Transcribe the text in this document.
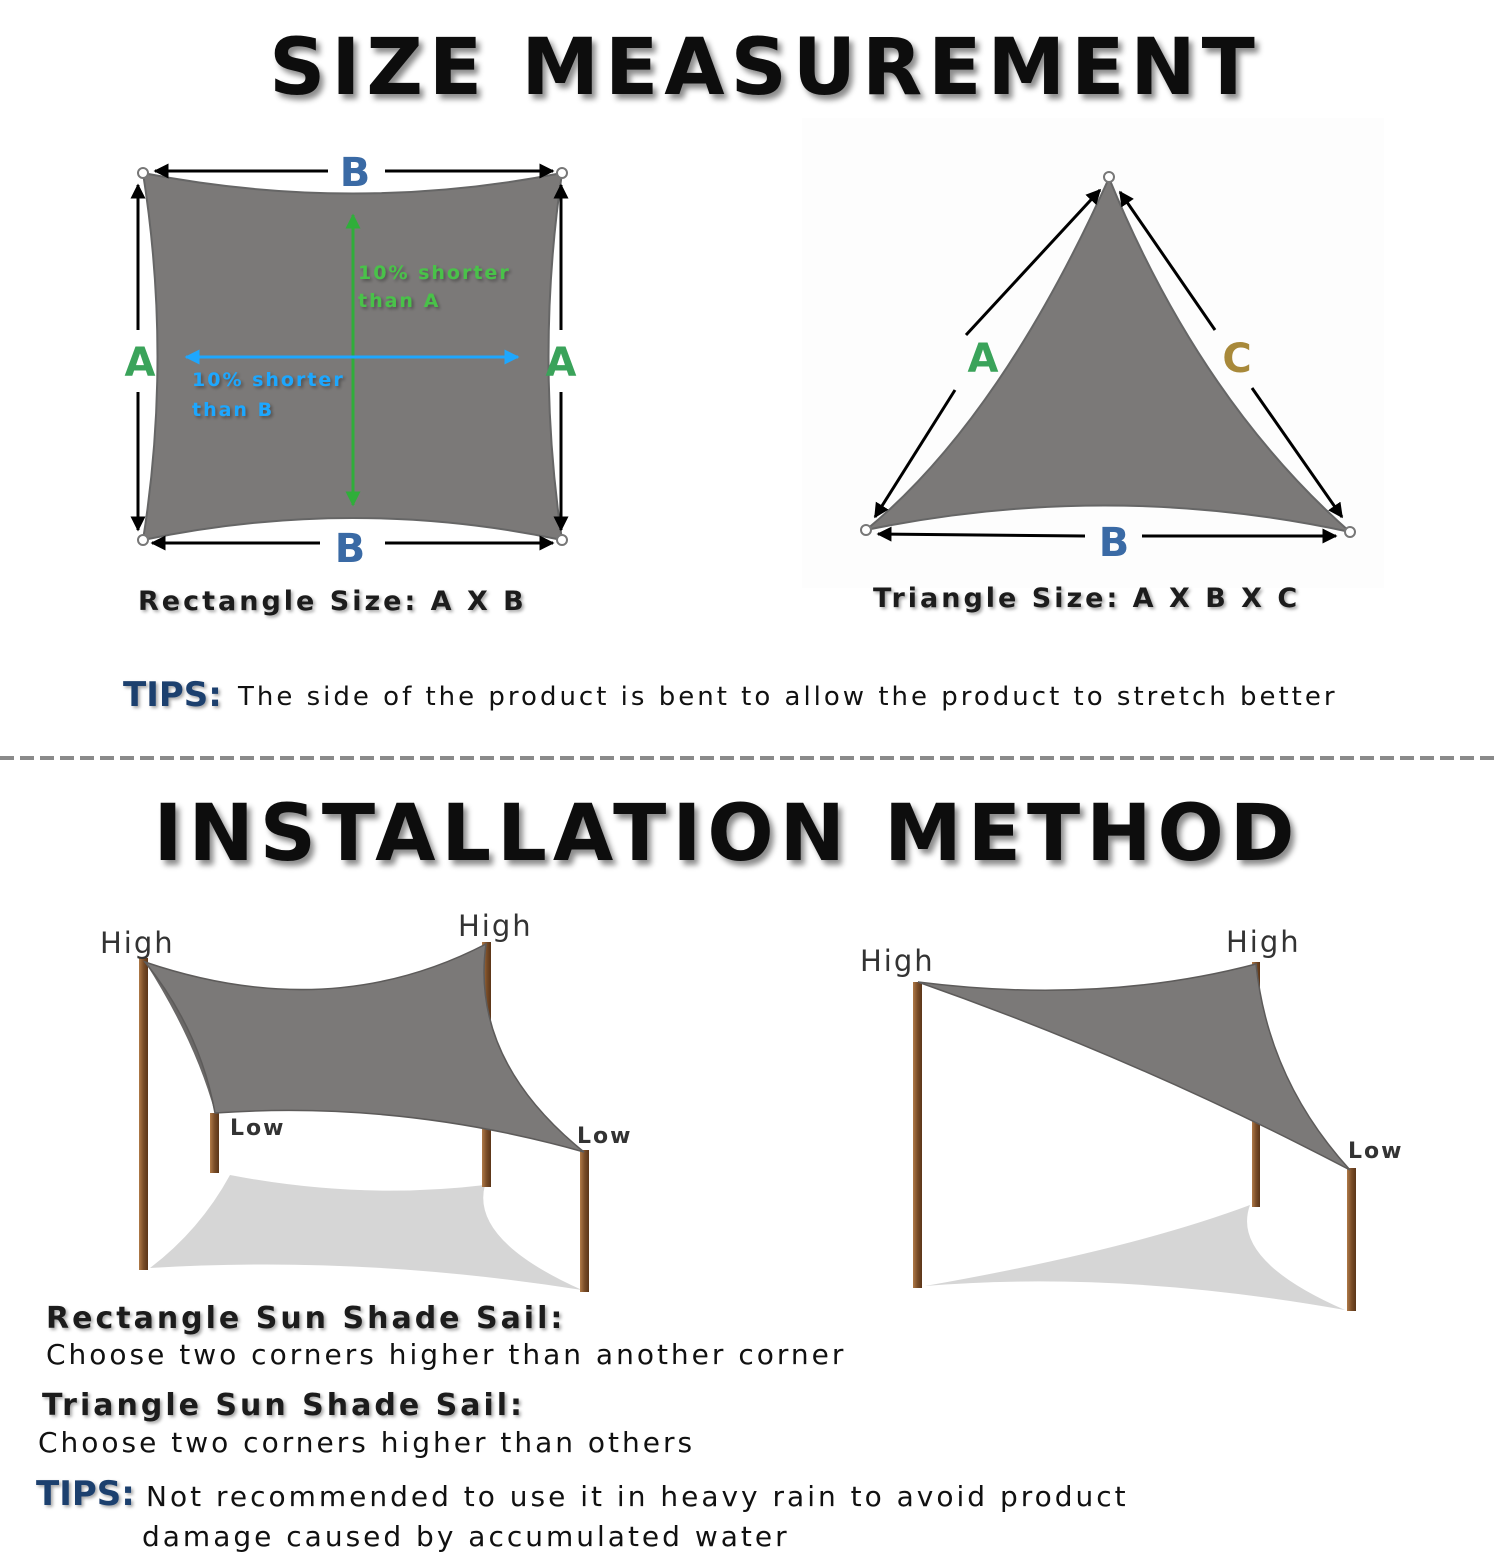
SIZE MEASUREMENT
B
B
A	A
10% shorter
than A
10% shorter
than B
Rectangle Size: A X B
A	C
B
Triangle Size: A X B X C
TIPS: The side of the product is bent to allow the product to stretch better
INSTALLATION METHOD
High	High
Low	Low
High
High
Low
Rectangle Sun Shade Sail:
Choose two corners higher than another corner
Triangle Sun Shade Sail:
Choose two corners higher than others
TIPS: Not recommended to use it in heavy rain to avoid product
damage caused by accumulated water
